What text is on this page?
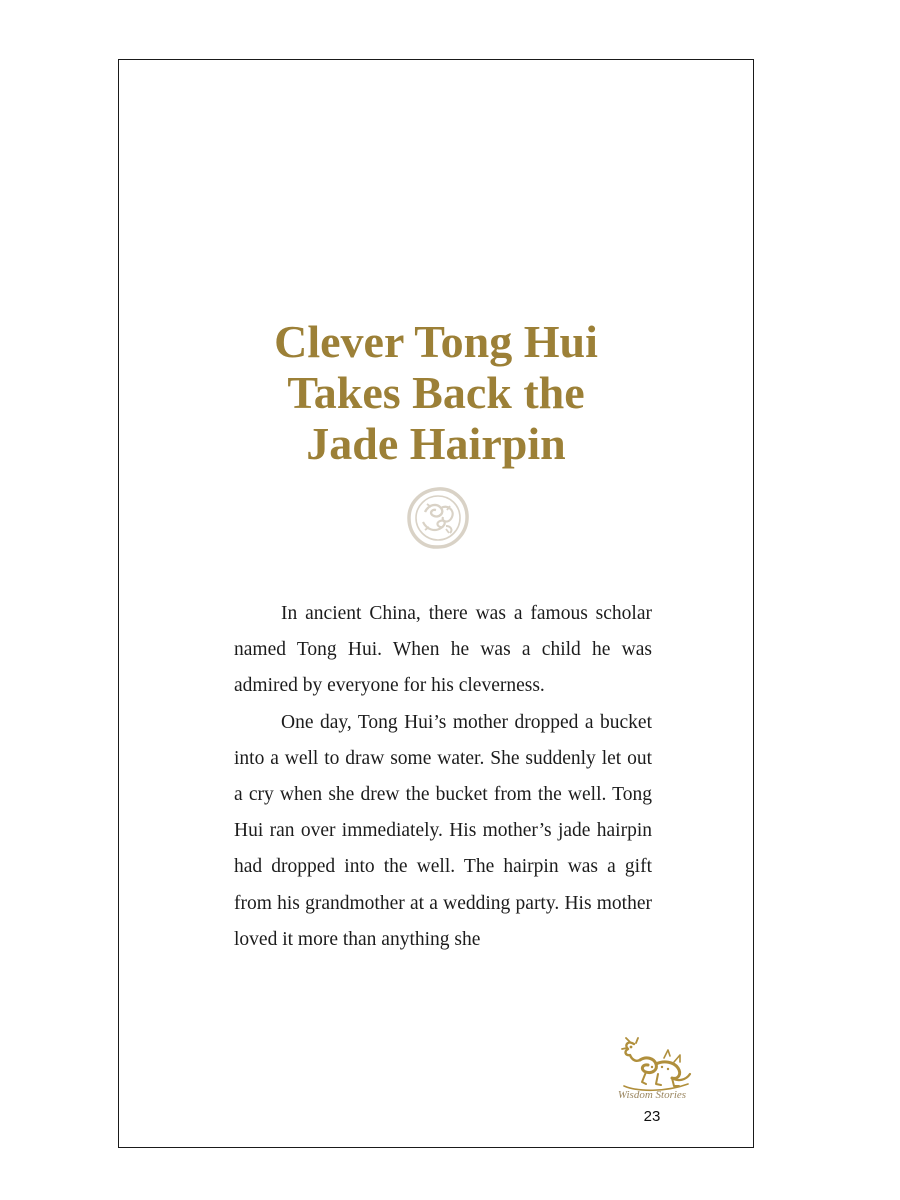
Clever Tong Hui
Takes Back the
Jade Hairpin

In ancient China, there was a famous scholar named Tong Hui. When he was a child he was admired by everyone for his cleverness.

One day, Tong Hui’s mother dropped a bucket into a well to draw some water. She suddenly let out a cry when she drew the bucket from the well. Tong Hui ran over immediately. His mother’s jade hairpin had dropped into the well. The hairpin was a gift from his grandmother at a wedding party. His mother loved it more than anything she

Wisdom Stories
23
